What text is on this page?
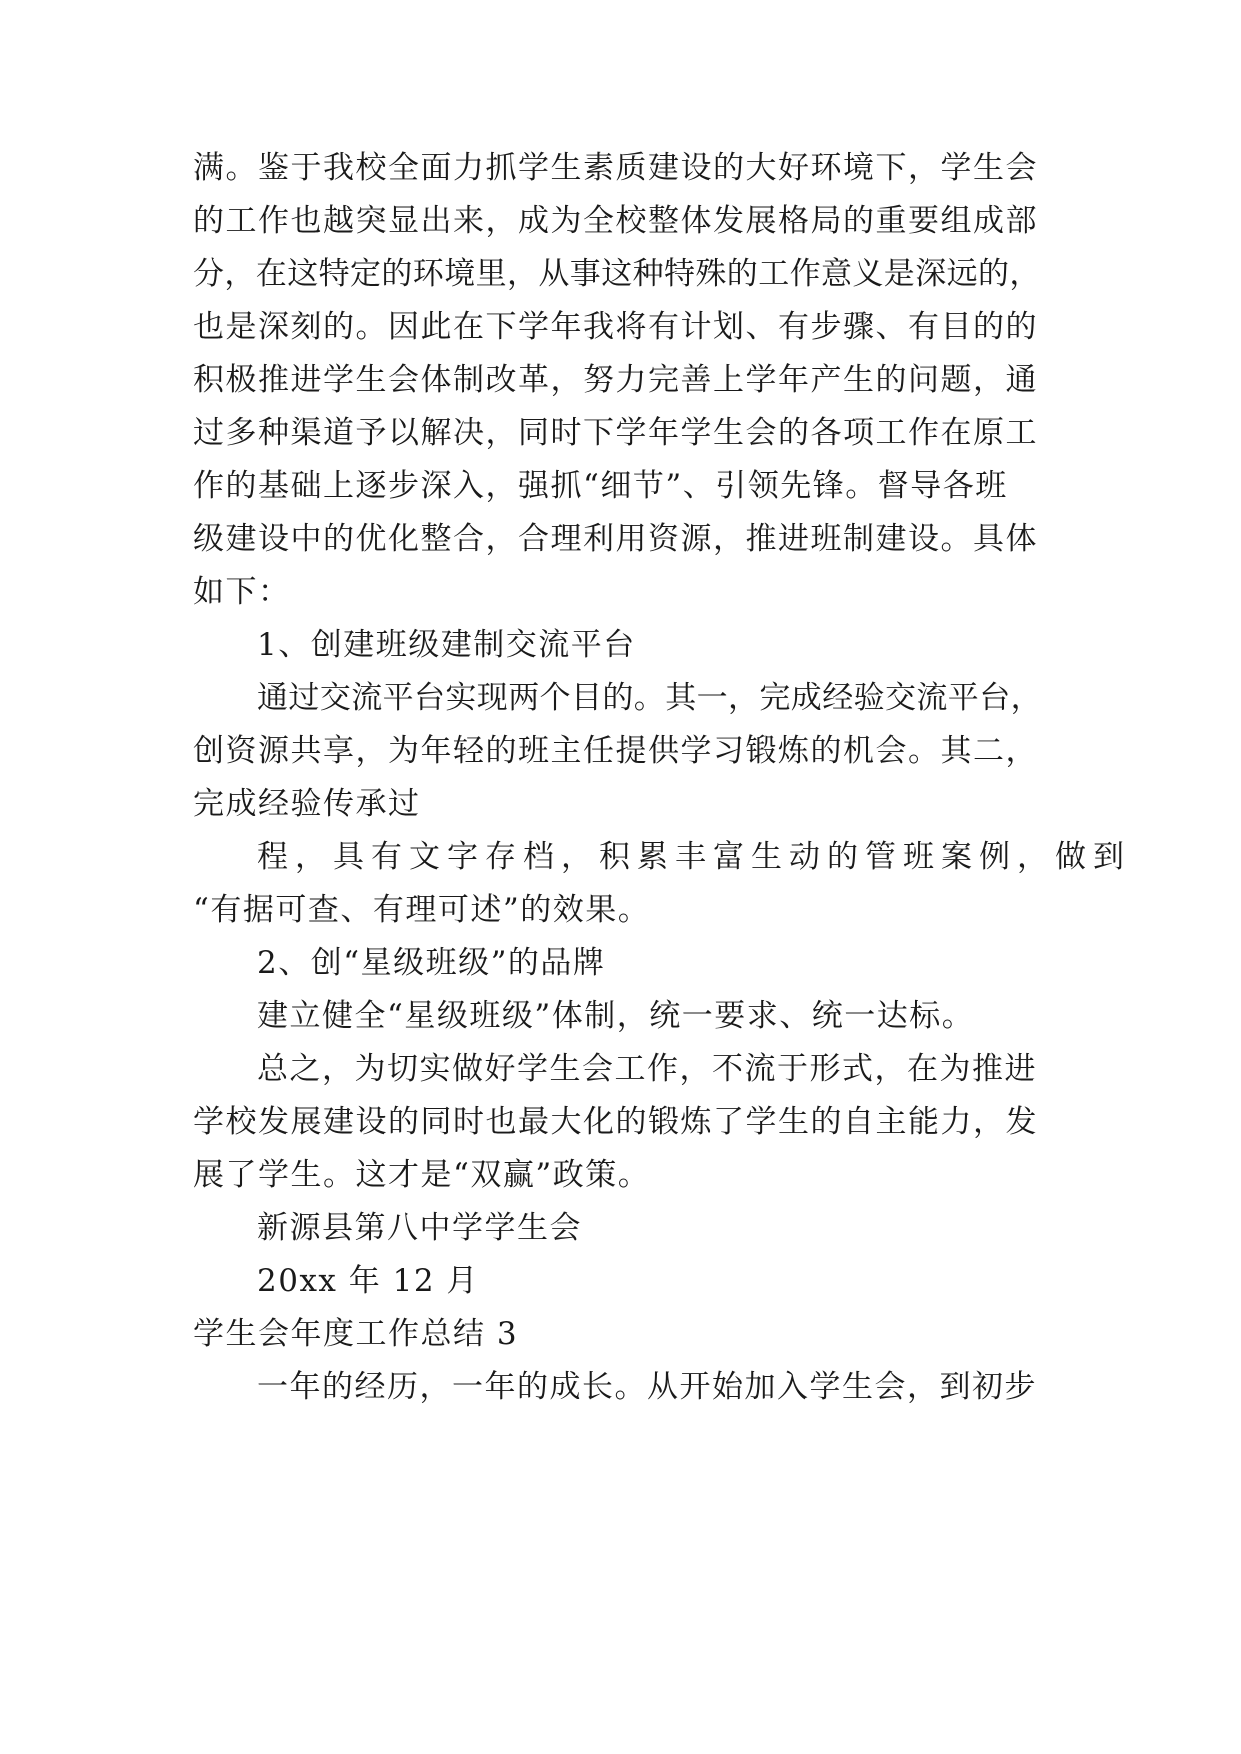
满。鉴于我校全面力抓学生素质建设的大好环境下，学生会
的工作也越突显出来，成为全校整体发展格局的重要组成部
分，在这特定的环境里，从事这种特殊的工作意义是深远的，
也是深刻的。因此在下学年我将有计划、有步骤、有目的的
积极推进学生会体制改革，努力完善上学年产生的问题，通
过多种渠道予以解决，同时下学年学生会的各项工作在原工
作的基础上逐步深入，强抓“细节”、引领先锋。督导各班
级建设中的优化整合，合理利用资源，推进班制建设。具体
如下：
1、创建班级建制交流平台
通过交流平台实现两个目的。其一，完成经验交流平台，
创资源共享，为年轻的班主任提供学习锻炼的机会。其二，
完成经验传承过
程，具有文字存档，积累丰富生动的管班案例，做到
“有据可查、有理可述”的效果。
2、创“星级班级”的品牌
建立健全“星级班级”体制，统一要求、统一达标。
总之，为切实做好学生会工作，不流于形式，在为推进
学校发展建设的同时也最大化的锻炼了学生的自主能力，发
展了学生。这才是“双赢”政策。
新源县第八中学学生会
20xx 年 12 月
学生会年度工作总结 3
一年的经历，一年的成长。从开始加入学生会，到初步
